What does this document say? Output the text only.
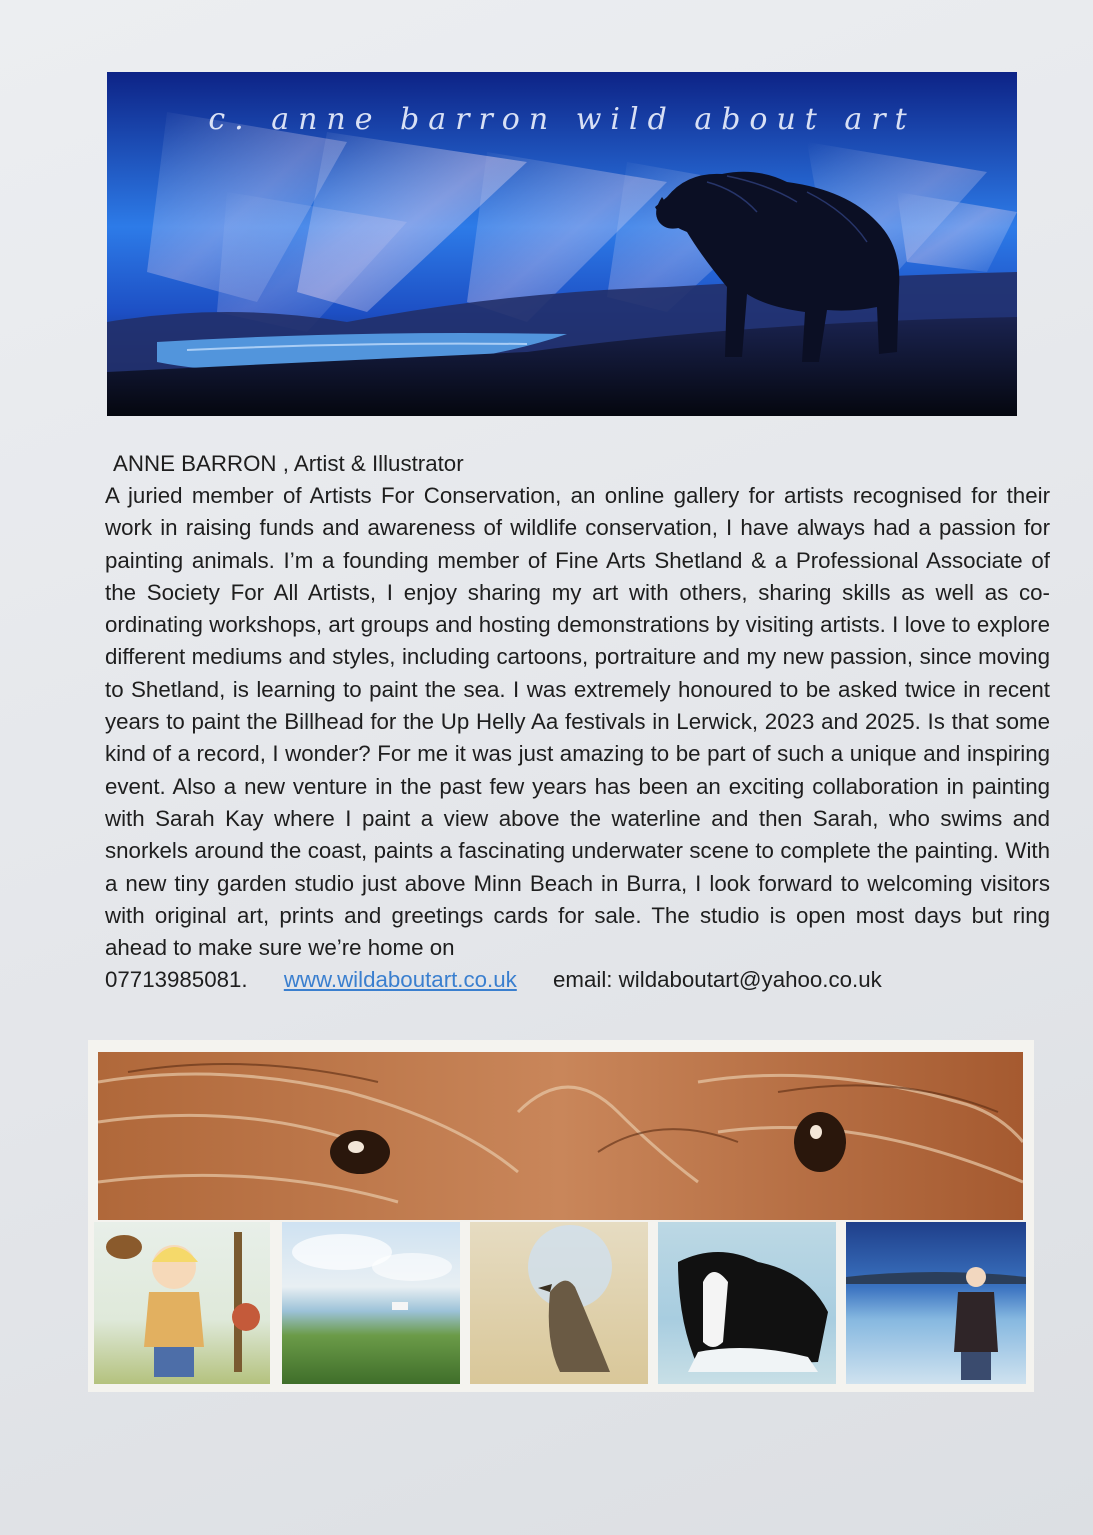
c. anne barron wild about art
ANNE BARRON , Artist & Illustrator

A juried member of Artists For Conservation, an online gallery for artists recognised for their work in raising funds and awareness of wildlife conservation, I have always had a passion for painting animals. I’m a founding member of Fine Arts Shetland & a Professional Associate of the Society For All Artists, I enjoy sharing my art with others, sharing skills as well as co-ordinating workshops, art groups and hosting demonstrations by visiting artists. I love to explore different mediums and styles, including cartoons, portraiture and my new passion, since moving to Shetland, is learning to paint the sea. I was extremely honoured to be asked twice in recent years to paint the Billhead for the Up Helly Aa festivals in Lerwick, 2023 and 2025. Is that some kind of a record, I wonder? For me it was just amazing to be part of such a unique and inspiring event. Also a new venture in the past few years has been an exciting collaboration in painting with Sarah Kay where I paint a view above the waterline and then Sarah, who swims and snorkels around the coast, paints a fascinating underwater scene to complete the painting. With a new tiny garden studio just above Minn Beach in Burra, I look forward to welcoming visitors with original art, prints and greetings cards for sale. The studio is open most days but ring ahead to make sure we’re home on

07713985081. www.wildaboutart.co.uk email: wildaboutart@yahoo.co.uk
